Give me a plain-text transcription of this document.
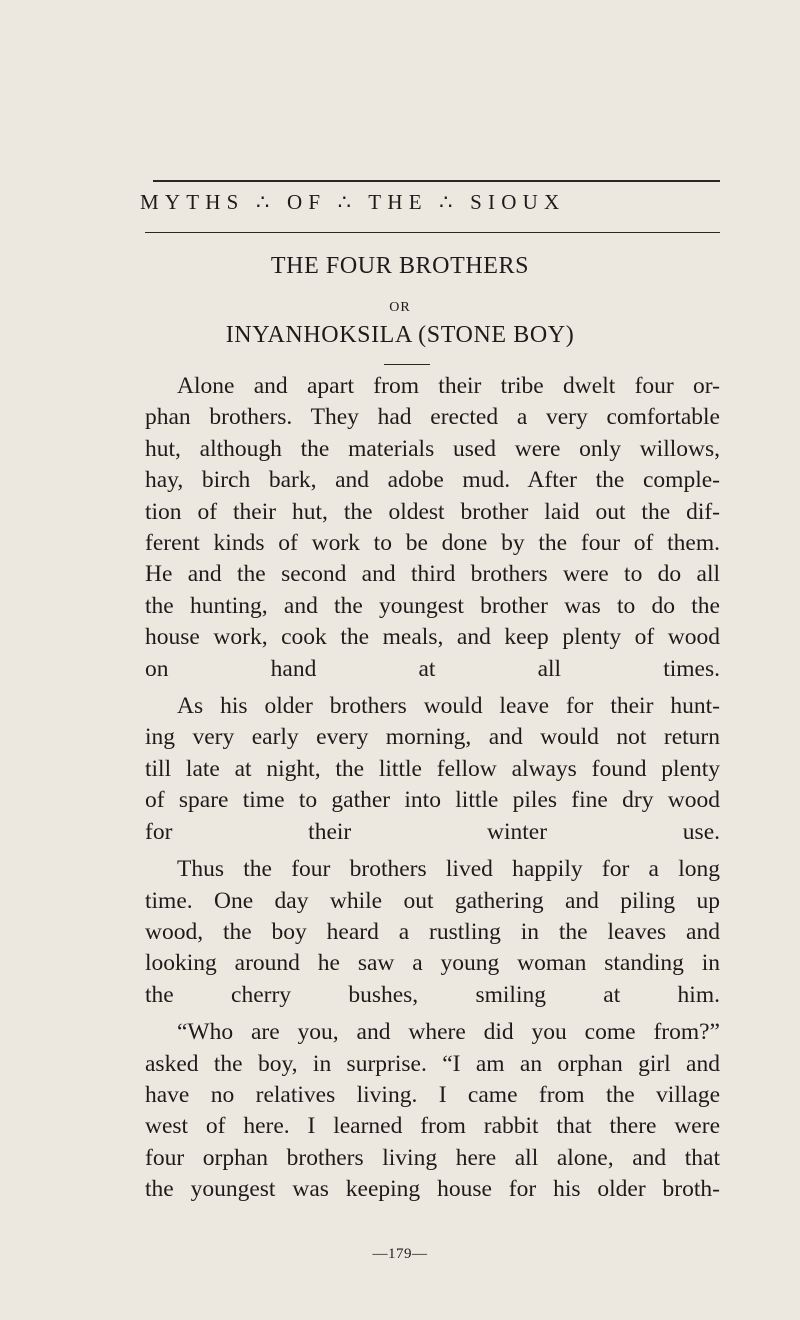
MYTHS ∴ OF ∴ THE ∴ SIOUX
THE FOUR BROTHERS
OR
INYANHOKSILA (STONE BOY)

Alone and apart from their tribe dwelt four or-
phan brothers. They had erected a very comfortable
hut, although the materials used were only willows,
hay, birch bark, and adobe mud. After the comple-
tion of their hut, the oldest brother laid out the dif-
ferent kinds of work to be done by the four of them.
He and the second and third brothers were to do all
the hunting, and the youngest brother was to do the
house work, cook the meals, and keep plenty of wood
on hand at all times.

As his older brothers would leave for their hunt-
ing very early every morning, and would not return
till late at night, the little fellow always found plenty
of spare time to gather into little piles fine dry wood
for their winter use.

Thus the four brothers lived happily for a long
time. One day while out gathering and piling up
wood, the boy heard a rustling in the leaves and
looking around he saw a young woman standing in
the cherry bushes, smiling at him.

“Who are you, and where did you come from?”
asked the boy, in surprise. “I am an orphan girl and
have no relatives living. I came from the village
west of here. I learned from rabbit that there were
four orphan brothers living here all alone, and that
the youngest was keeping house for his older broth-

—179—
